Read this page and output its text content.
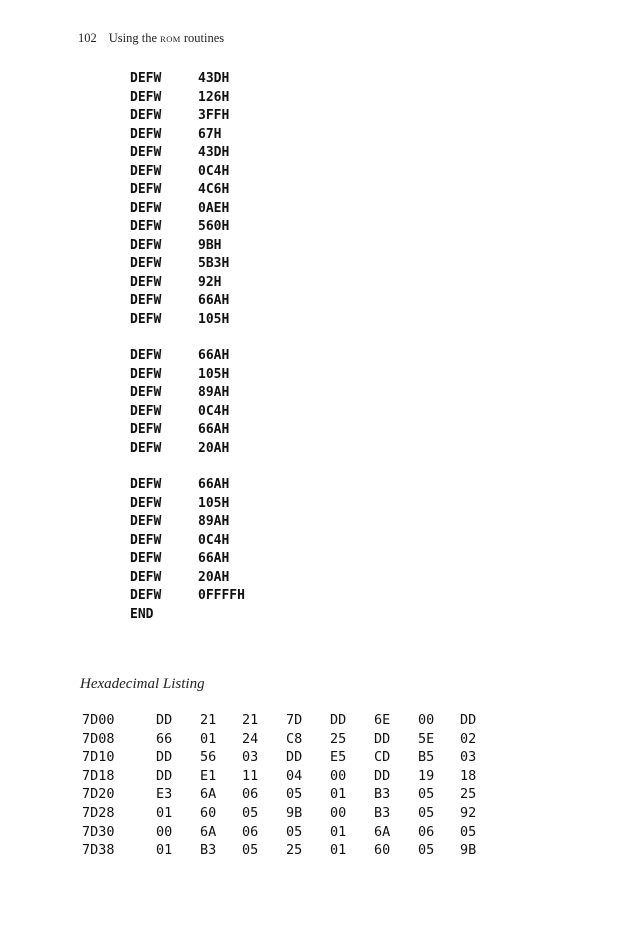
102 Using the ROM routines
DEFW	43DH
DEFW	126H
DEFW	3FFH
DEFW	67H
DEFW	43DH
DEFW	0C4H
DEFW	4C6H
DEFW	0AEH
DEFW	560H
DEFW	9BH
DEFW	5B3H
DEFW	92H
DEFW	66AH
DEFW	105H
DEFW	66AH
DEFW	105H
DEFW	89AH
DEFW	0C4H
DEFW	66AH
DEFW	20AH
DEFW	66AH
DEFW	105H
DEFW	89AH
DEFW	0C4H
DEFW	66AH
DEFW	20AH
DEFW	0FFFFH
END
Hexadecimal Listing
7D00	DD 21 21 7D DD 6E 00 DD
7D08	66 01 24 C8 25 DD 5E 02
7D10	DD 56 03 DD E5 CD B5 03
7D18	DD E1 11 04 00 DD 19 18
7D20	E3 6A 06 05 01 B3 05 25
7D28	01 60 05 9B 00 B3 05 92
7D30	00 6A 06 05 01 6A 06 05
7D38	01 B3 05 25 01 60 05 9B
